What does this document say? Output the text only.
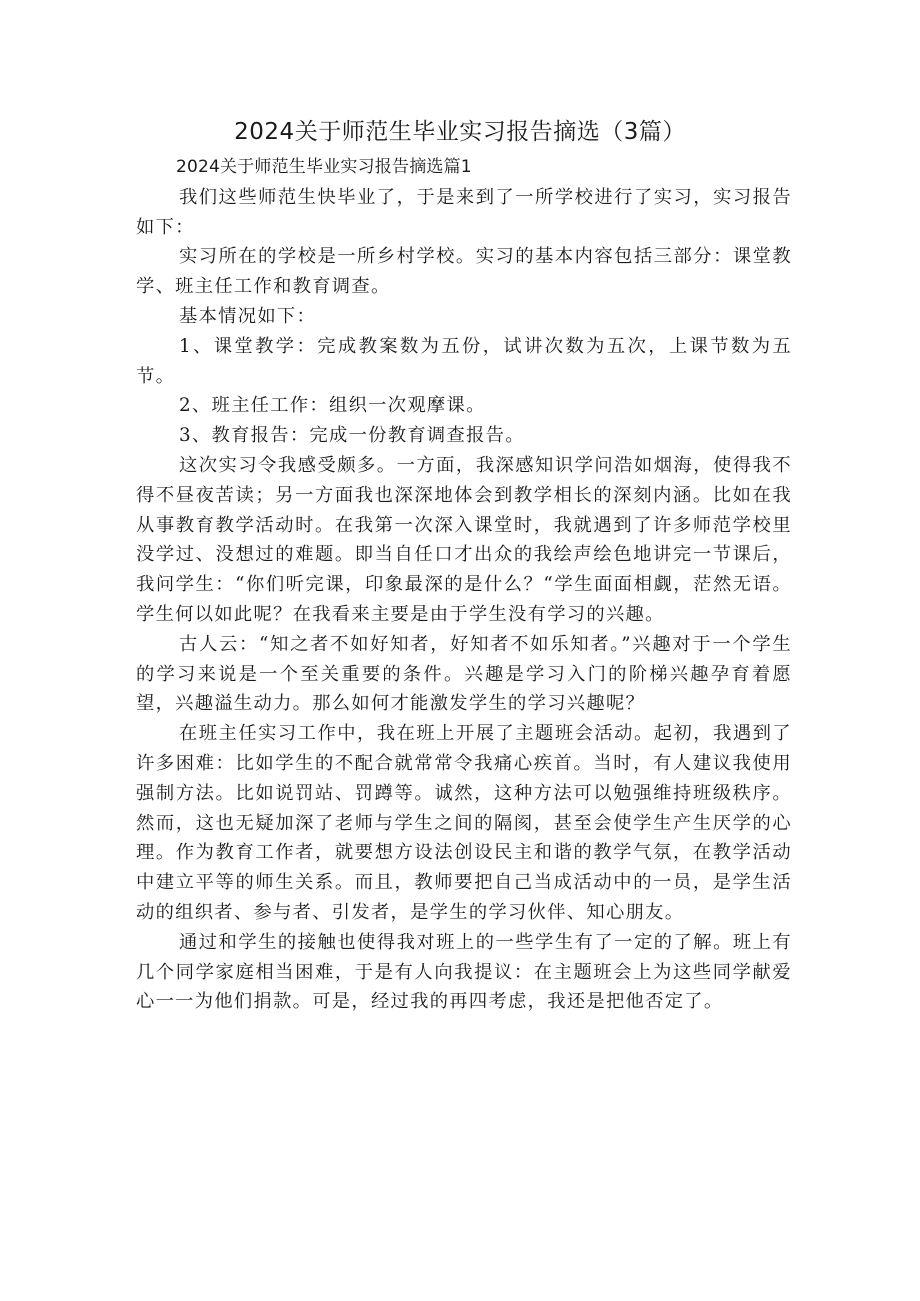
2024关于师范生毕业实习报告摘选（3篇）

2024关于师范生毕业实习报告摘选篇1

我们这些师范生快毕业了，于是来到了一所学校进行了实习，实习报告如下：

实习所在的学校是一所乡村学校。实习的基本内容包括三部分：课堂教学、班主任工作和教育调查。

基本情况如下：

1、课堂教学：完成教案数为五份，试讲次数为五次，上课节数为五节。

2、班主任工作：组织一次观摩课。

3、教育报告：完成一份教育调查报告。

这次实习令我感受颇多。一方面，我深感知识学问浩如烟海，使得我不得不昼夜苦读；另一方面我也深深地体会到教学相长的深刻内涵。比如在我从事教育教学活动时。在我第一次深入课堂时，我就遇到了许多师范学校里没学过、没想过的难题。即当自任口才出众的我绘声绘色地讲完一节课后，我问学生：“你们听完课，印象最深的是什么？“学生面面相觑，茫然无语。学生何以如此呢？在我看来主要是由于学生没有学习的兴趣。

古人云：“知之者不如好知者，好知者不如乐知者。”兴趣对于一个学生的学习来说是一个至关重要的条件。兴趣是学习入门的阶梯兴趣孕育着愿望，兴趣溢生动力。那么如何才能激发学生的学习兴趣呢？

在班主任实习工作中，我在班上开展了主题班会活动。起初，我遇到了许多困难：比如学生的不配合就常常令我痛心疾首。当时，有人建议我使用强制方法。比如说罚站、罚蹲等。诚然，这种方法可以勉强维持班级秩序。然而，这也无疑加深了老师与学生之间的隔阂，甚至会使学生产生厌学的心理。作为教育工作者，就要想方设法创设民主和谐的教学气氛，在教学活动中建立平等的师生关系。而且，教师要把自己当成活动中的一员，是学生活动的组织者、参与者、引发者，是学生的学习伙伴、知心朋友。

通过和学生的接触也使得我对班上的一些学生有了一定的了解。班上有几个同学家庭相当困难，于是有人向我提议：在主题班会上为这些同学献爱心一一为他们捐款。可是，经过我的再四考虑，我还是把他否定了。
